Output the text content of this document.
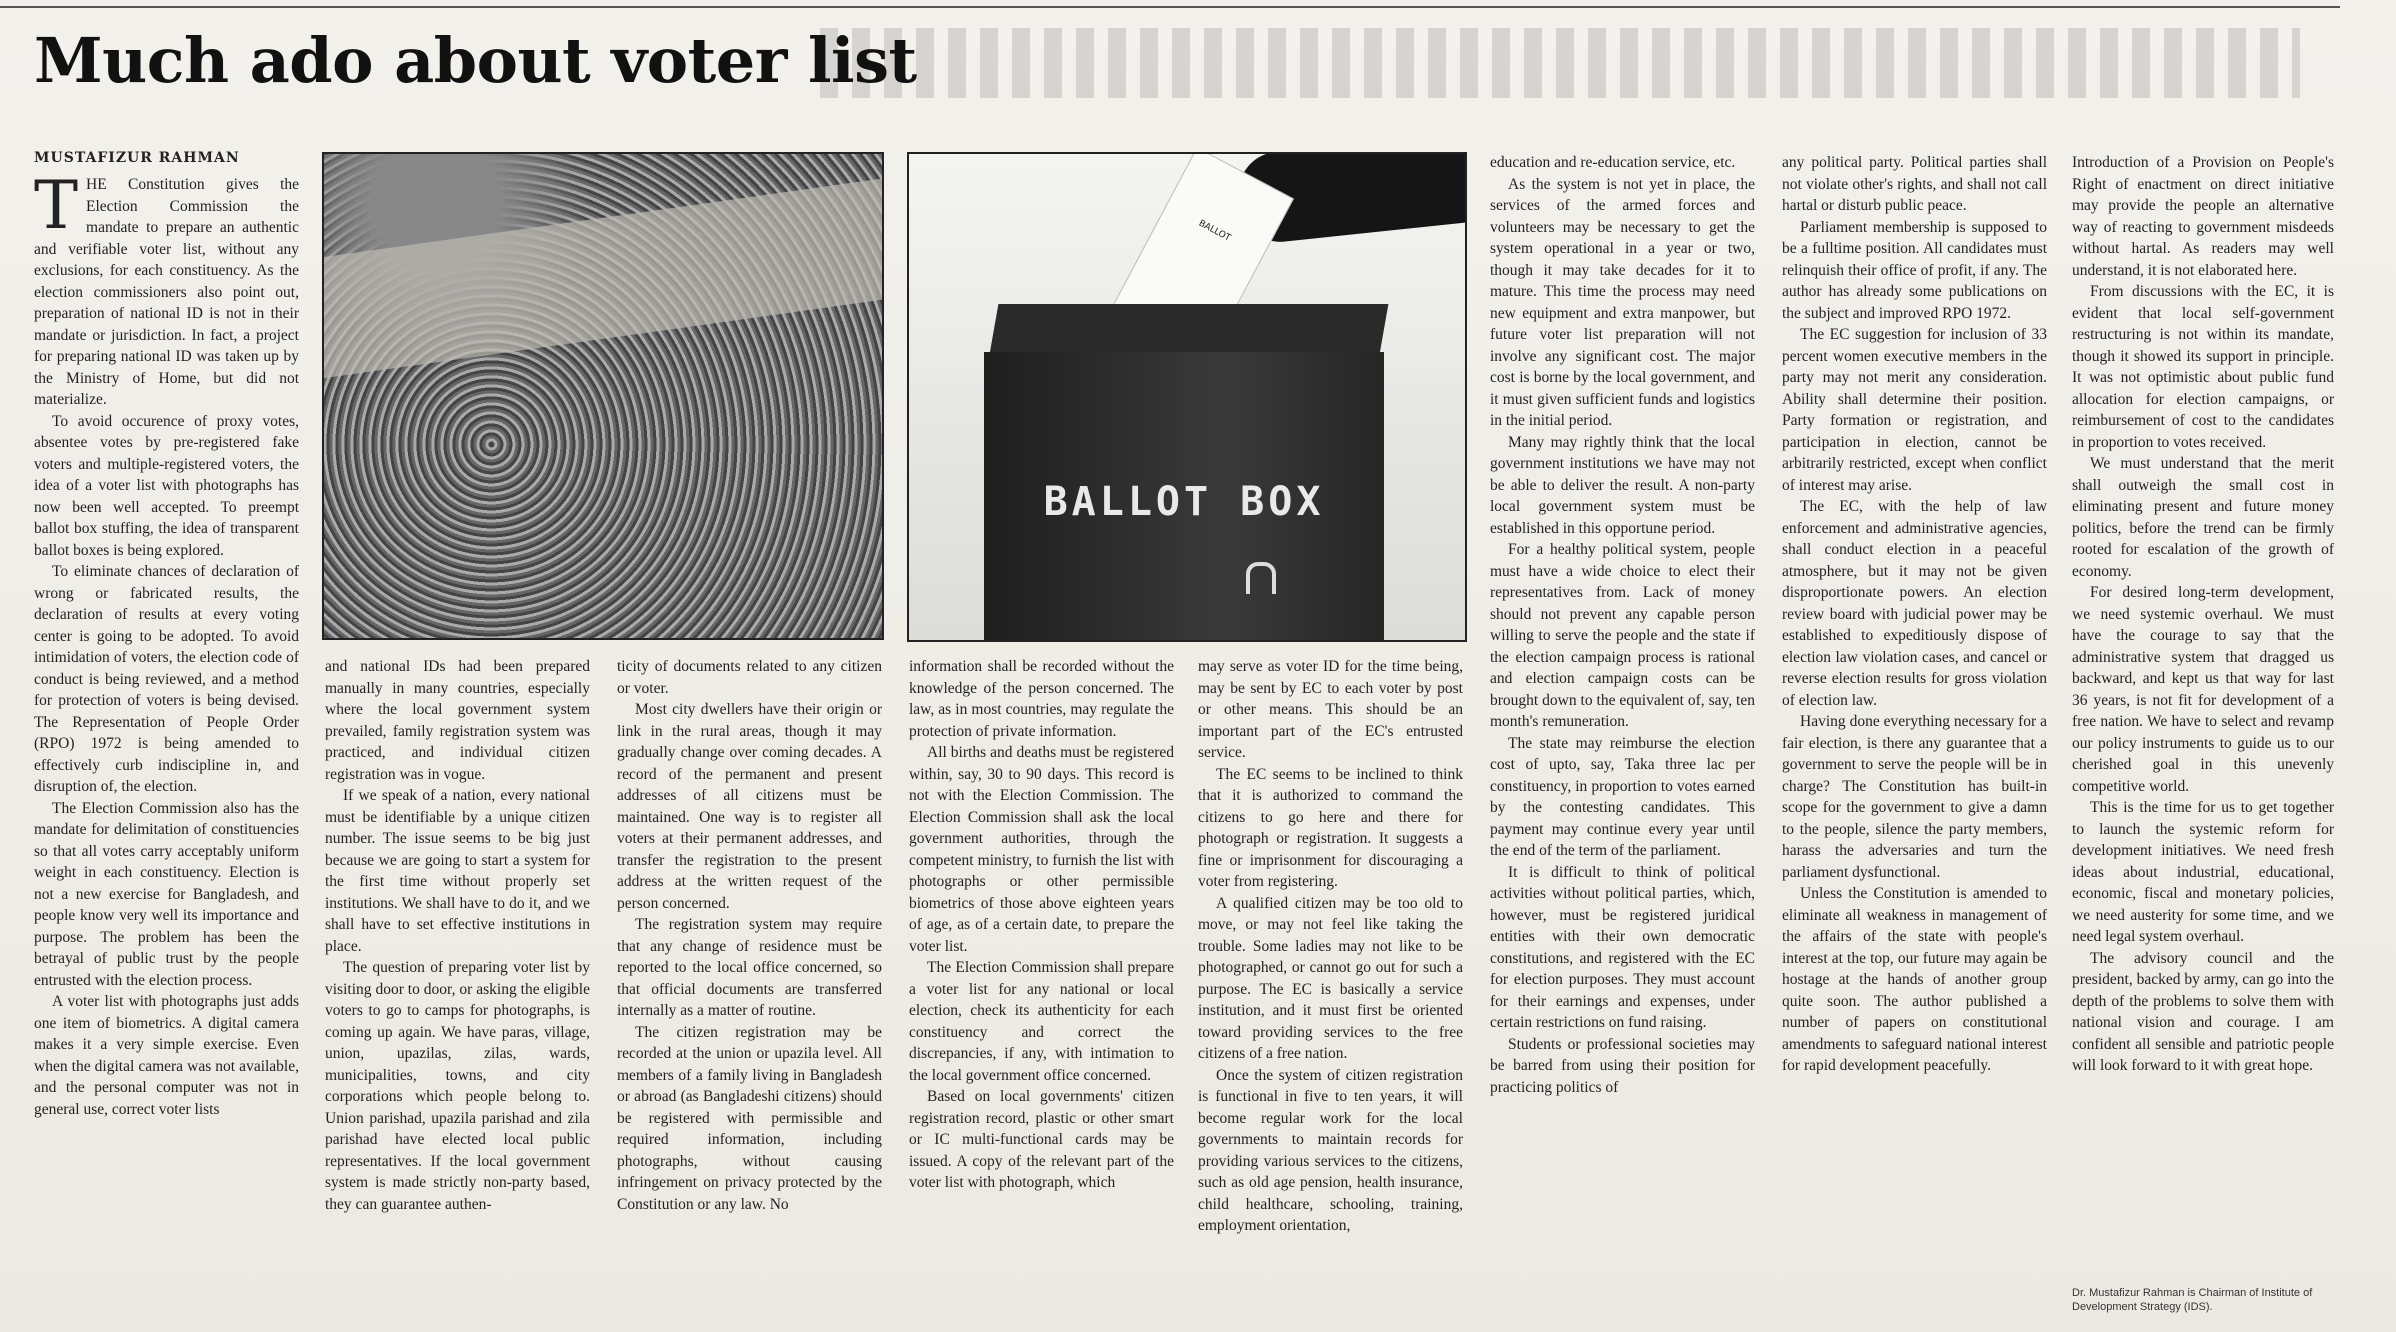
Much ado about voter list
MUSTAFIZUR RAHMAN
BALLOT
BALLOT BOX
T HE Constitution gives the Election Commission the mandate to prepare an authentic and verifiable voter list, without any exclusions, for each constituency. As the election commissioners also point out, preparation of national ID is not in their mandate or jurisdiction. In fact, a project for preparing national ID was taken up by the Ministry of Home, but did not materialize.

To avoid occurence of proxy votes, absentee votes by pre-registered fake voters and multiple-registered voters, the idea of a voter list with photographs has now been well accepted. To preempt ballot box stuffing, the idea of transparent ballot boxes is being explored.

To eliminate chances of declaration of wrong or fabricated results, the declaration of results at every voting center is going to be adopted. To avoid intimidation of voters, the election code of conduct is being reviewed, and a method for protection of voters is being devised. The Representation of People Order (RPO) 1972 is being amended to effectively curb indiscipline in, and disruption of, the election.

The Election Commission also has the mandate for delimitation of constituencies so that all votes carry acceptably uniform weight in each constituency. Election is not a new exercise for Bangladesh, and people know very well its importance and purpose. The problem has been the betrayal of public trust by the people entrusted with the election process.

A voter list with photographs just adds one item of biometrics. A digital camera makes it a very simple exercise. Even when the digital camera was not available, and the personal computer was not in general use, correct voter lists

and national IDs had been prepared manually in many countries, especially where the local government system prevailed, family registration system was practiced, and individual citizen registration was in vogue.

If we speak of a nation, every national must be identifiable by a unique citizen number. The issue seems to be big just because we are going to start a system for the first time without properly set institutions. We shall have to do it, and we shall have to set effective institutions in place.

The question of preparing voter list by visiting door to door, or asking the eligible voters to go to camps for photographs, is coming up again. We have paras, village, union, upazilas, zilas, wards, municipalities, towns, and city corporations which people belong to. Union parishad, upazila parishad and zila parishad have elected local public representatives. If the local government system is made strictly non-party based, they can guarantee authen-

ticity of documents related to any citizen or voter.

Most city dwellers have their origin or link in the rural areas, though it may gradually change over coming decades. A record of the permanent and present addresses of all citizens must be maintained. One way is to register all voters at their permanent addresses, and transfer the registration to the present address at the written request of the person concerned.

The registration system may require that any change of residence must be reported to the local office concerned, so that official documents are transferred internally as a matter of routine.

The citizen registration may be recorded at the union or upazila level. All members of a family living in Bangladesh or abroad (as Bangladeshi citizens) should be registered with permissible and required information, including photographs, without causing infringement on privacy protected by the Constitution or any law. No

information shall be recorded without the knowledge of the person concerned. The law, as in most countries, may regulate the protection of private information.

All births and deaths must be registered within, say, 30 to 90 days. This record is not with the Election Commission. The Election Commission shall ask the local government authorities, through the competent ministry, to furnish the list with photographs or other permissible biometrics of those above eighteen years of age, as of a certain date, to prepare the voter list.

The Election Commission shall prepare a voter list for any national or local election, check its authenticity for each constituency and correct the discrepancies, if any, with intimation to the local government office concerned.

Based on local governments' citizen registration record, plastic or other smart or IC multi-functional cards may be issued. A copy of the relevant part of the voter list with photograph, which

may serve as voter ID for the time being, may be sent by EC to each voter by post or other means. This should be an important part of the EC's entrusted service.

The EC seems to be inclined to think that it is authorized to command the citizens to go here and there for photograph or registration. It suggests a fine or imprisonment for discouraging a voter from registering.

A qualified citizen may be too old to move, or may not feel like taking the trouble. Some ladies may not like to be photographed, or cannot go out for such a purpose. The EC is basically a service institution, and it must first be oriented toward providing services to the free citizens of a free nation.

Once the system of citizen registration is functional in five to ten years, it will become regular work for the local governments to maintain records for providing various services to the citizens, such as old age pension, health insurance, child healthcare, schooling, training, employment orientation,

education and re-education service, etc.

As the system is not yet in place, the services of the armed forces and volunteers may be necessary to get the system operational in a year or two, though it may take decades for it to mature. This time the process may need new equipment and extra manpower, but future voter list preparation will not involve any significant cost. The major cost is borne by the local government, and it must given sufficient funds and logistics in the initial period.

Many may rightly think that the local government institutions we have may not be able to deliver the result. A non-party local government system must be established in this opportune period.

For a healthy political system, people must have a wide choice to elect their representatives from. Lack of money should not prevent any capable person willing to serve the people and the state if the election campaign process is rational and election campaign costs can be brought down to the equivalent of, say, ten month's remuneration.

The state may reimburse the election cost of upto, say, Taka three lac per constituency, in proportion to votes earned by the contesting candidates. This payment may continue every year until the end of the term of the parliament.

It is difficult to think of political activities without political parties, which, however, must be registered juridical entities with their own democratic constitutions, and registered with the EC for election purposes. They must account for their earnings and expenses, under certain restrictions on fund raising.

Students or professional societies may be barred from using their position for practicing politics of

any political party. Political parties shall not violate other's rights, and shall not call hartal or disturb public peace.

Parliament membership is supposed to be a fulltime position. All candidates must relinquish their office of profit, if any. The author has already some publications on the subject and improved RPO 1972.

The EC suggestion for inclusion of 33 percent women executive members in the party may not merit any consideration. Ability shall determine their position. Party formation or registration, and participation in election, cannot be arbitrarily restricted, except when conflict of interest may arise.

The EC, with the help of law enforcement and administrative agencies, shall conduct election in a peaceful atmosphere, but it may not be given disproportionate powers. An election review board with judicial power may be established to expeditiously dispose of election law violation cases, and cancel or reverse election results for gross violation of election law.

Having done everything necessary for a fair election, is there any guarantee that a government to serve the people will be in charge? The Constitution has built-in scope for the government to give a damn to the people, silence the party members, harass the adversaries and turn the parliament dysfunctional.

Unless the Constitution is amended to eliminate all weakness in management of the affairs of the state with people's interest at the top, our future may again be hostage at the hands of another group quite soon. The author published a number of papers on constitutional amendments to safeguard national interest for rapid development peacefully.

Introduction of a Provision on People's Right of enactment on direct initiative may provide the people an alternative way of reacting to government misdeeds without hartal. As readers may well understand, it is not elaborated here.

From discussions with the EC, it is evident that local self-government restructuring is not within its mandate, though it showed its support in principle. It was not optimistic about public fund allocation for election campaigns, or reimbursement of cost to the candidates in proportion to votes received.

We must understand that the merit shall outweigh the small cost in eliminating present and future money politics, before the trend can be firmly rooted for escalation of the growth of economy.

For desired long-term development, we need systemic overhaul. We must have the courage to say that the administrative system that dragged us backward, and kept us that way for last 36 years, is not fit for development of a free nation. We have to select and revamp our policy instruments to guide us to our cherished goal in this unevenly competitive world.

This is the time for us to get together to launch the systemic reform for development initiatives. We need fresh ideas about industrial, educational, economic, fiscal and monetary policies, we need austerity for some time, and we need legal system overhaul.

The advisory council and the president, backed by army, can go into the depth of the problems to solve them with national vision and courage. I am confident all sensible and patriotic people will look forward to it with great hope.

Dr. Mustafizur Rahman is Chairman of Institute of Development Strategy (IDS).
